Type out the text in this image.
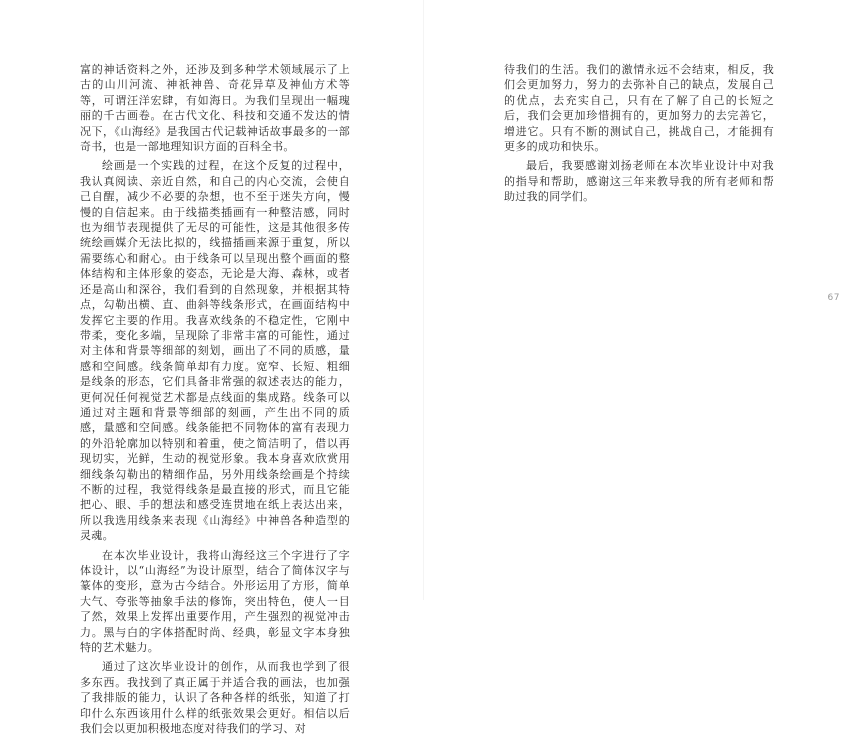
富的神话资料之外，还涉及到多种学术领域展示了上古的山川河流、神祇神兽、奇花异草及神仙方术等等，可谓汪洋宏肆，有如海日。为我们呈现出一幅瑰丽的千古画卷。在古代文化、科技和交通不发达的情况下，《山海经》是我国古代记载神话故事最多的一部奇书，也是一部地理知识方面的百科全书。

绘画是一个实践的过程，在这个反复的过程中，我认真阅读、亲近自然，和自己的内心交流，会使自己自醒，减少不必要的杂想，也不至于迷失方向，慢慢的自信起来。由于线描类插画有一种整洁感，同时也为细节表现提供了无尽的可能性，这是其他很多传统绘画媒介无法比拟的，线描插画来源于重复，所以需要练心和耐心。由于线条可以呈现出整个画面的整体结构和主体形象的姿态，无论是大海、森林，或者还是高山和深谷，我们看到的自然现象，并根据其特点，勾勒出横、直、曲斜等线条形式，在画面结构中发挥它主要的作用。我喜欢线条的不稳定性，它刚中带柔，变化多端，呈现除了非常丰富的可能性，通过对主体和背景等细部的刻划，画出了不同的质感，量感和空间感。线条简单却有力度。宽窄、长短、粗细是线条的形态，它们具备非常强的叙述表达的能力，更何况任何视觉艺术都是点线面的集成路。线条可以通过对主题和背景等细部的刻画，产生出不同的质感，量感和空间感。线条能把不同物体的富有表现力的外沿轮廓加以特别和着重，使之简洁明了，借以再现切实，光鲜，生动的视觉形象。我本身喜欢欣赏用细线条勾勒出的精细作品，另外用线条绘画是个持续不断的过程，我觉得线条是最直接的形式，而且它能把心、眼、手的想法和感受连贯地在纸上表达出来，所以我选用线条来表现《山海经》中神兽各种造型的灵魂。

在本次毕业设计，我将山海经这三个字进行了字体设计，以“山海经”为设计原型，结合了简体汉字与篆体的变形，意为古今结合。外形运用了方形，简单大气、夸张等抽象手法的修饰，突出特色，使人一目了然，效果上发挥出重要作用，产生强烈的视觉冲击力。黑与白的字体搭配时尚、经典，彰显文字本身独特的艺术魅力。

通过了这次毕业设计的创作，从而我也学到了很多东西。我找到了真正属于并适合我的画法，也加强了我排版的能力，认识了各种各样的纸张，知道了打印什么东西该用什么样的纸张效果会更好。相信以后我们会以更加积极地态度对待我们的学习、对

待我们的生活。我们的激情永远不会结束，相反，我们会更加努力，努力的去弥补自己的缺点，发展自己的优点，去充实自己，只有在了解了自己的长短之后，我们会更加珍惜拥有的，更加努力的去完善它，增进它。只有不断的测试自己，挑战自己，才能拥有更多的成功和快乐。

最后，我要感谢刘扬老师在本次毕业设计中对我的指导和帮助，感谢这三年来教导我的所有老师和帮助过我的同学们。

67
